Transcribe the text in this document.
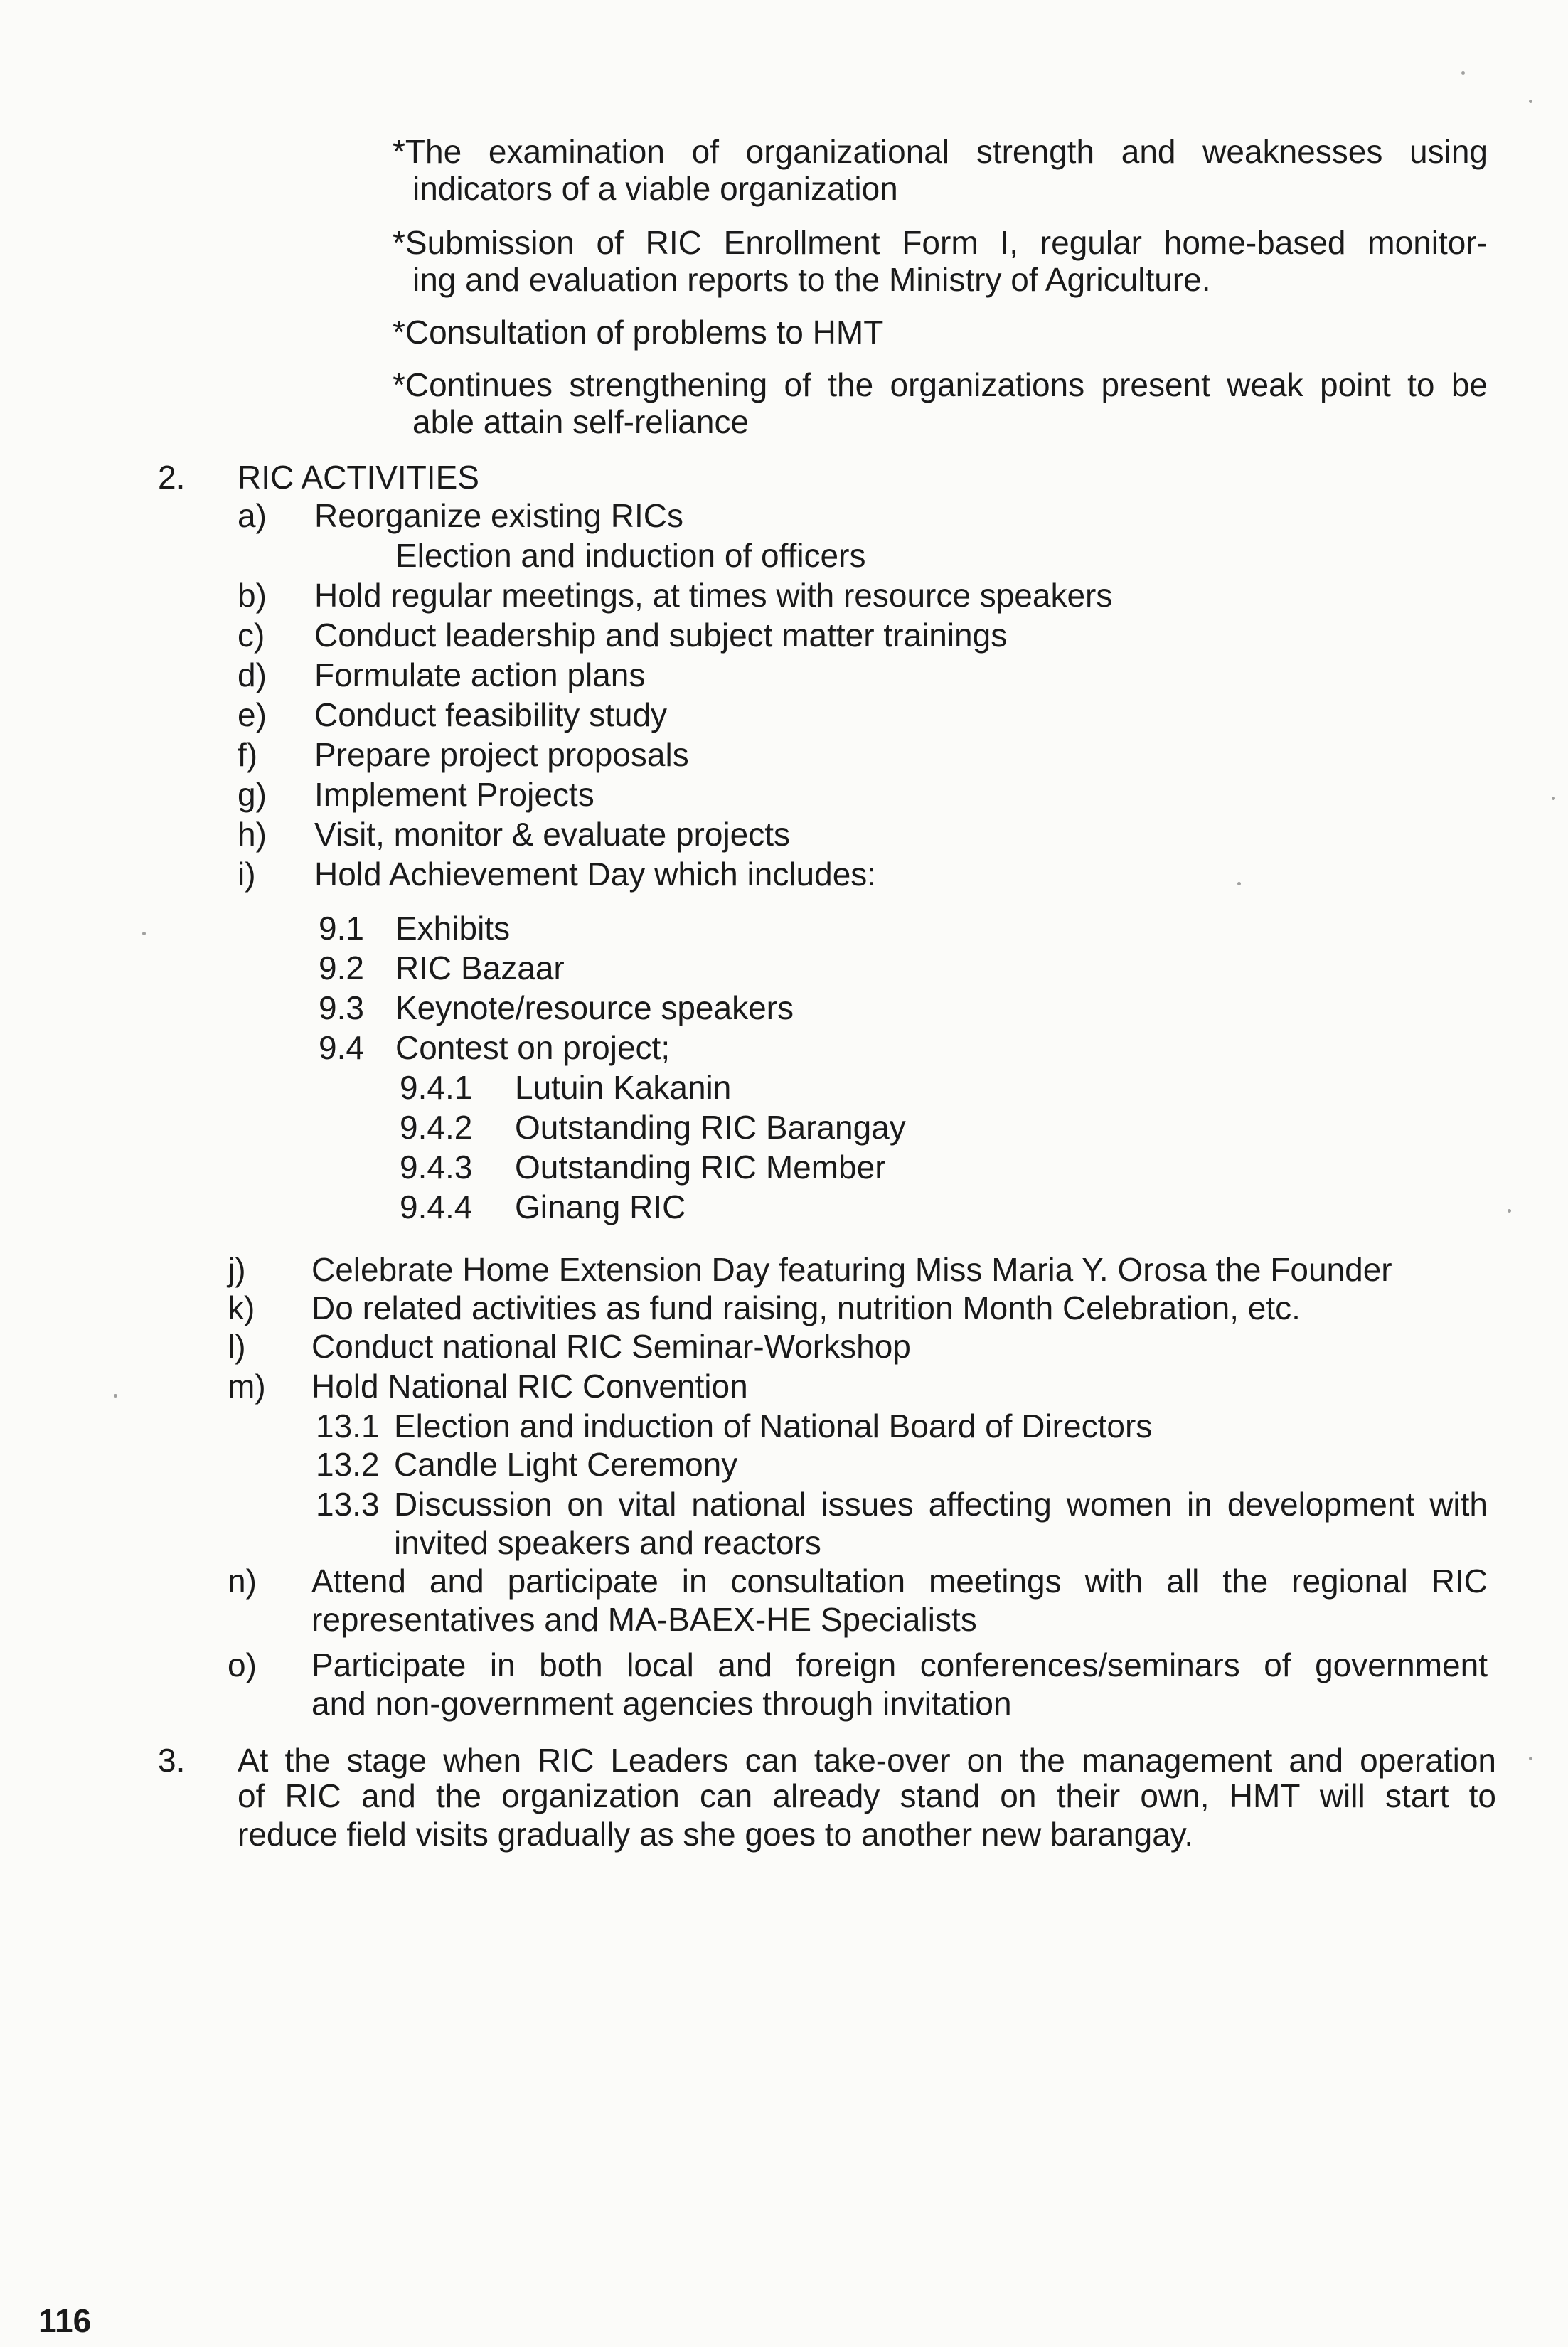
*The examination of organizational strength and weaknesses using
indicators of a viable organization
*Submission of RIC Enrollment Form I, regular home-based monitor-
ing and evaluation reports to the Ministry of Agriculture.
*Consultation of problems to HMT
*Continues strengthening of the organizations present weak point to be
able attain self-reliance
2. RIC ACTIVITIES
a) Reorganize existing RICs
Election and induction of officers
b) Hold regular meetings, at times with resource speakers
c) Conduct leadership and subject matter trainings
d) Formulate action plans
e) Conduct feasibility study
f) Prepare project proposals
g) Implement Projects
h) Visit, monitor & evaluate projects
i) Hold Achievement Day which includes:
9.1 Exhibits
9.2 RIC Bazaar
9.3 Keynote/resource speakers
9.4 Contest on project;
9.4.1 Lutuin Kakanin
9.4.2 Outstanding RIC Barangay
9.4.3 Outstanding RIC Member
9.4.4 Ginang RIC
j) Celebrate Home Extension Day featuring Miss Maria Y. Orosa the Founder
k) Do related activities as fund raising, nutrition Month Celebration, etc.
l) Conduct national RIC Seminar-Workshop
m) Hold National RIC Convention
13.1 Election and induction of National Board of Directors
13.2 Candle Light Ceremony
13.3 Discussion on vital national issues affecting women in development with
invited speakers and reactors
n) Attend and participate in consultation meetings with all the regional RIC
representatives and MA-BAEX-HE Specialists
o) Participate in both local and foreign conferences/seminars of government
and non-government agencies through invitation
3. At the stage when RIC Leaders can take-over on the management and operation
of RIC and the organization can already stand on their own, HMT will start to
reduce field visits gradually as she goes to another new barangay.
116
